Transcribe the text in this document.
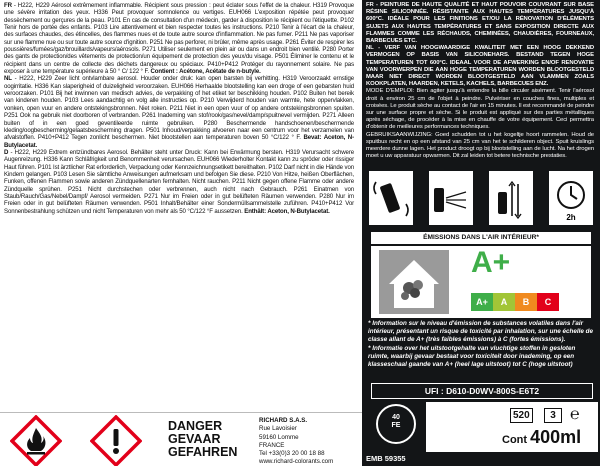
FR - H222, H229 Aérosol extrêmement inflammable. Récipient sous pression : peut éclater sous l'effet de la chaleur. H319 Provoque une sévère irritation des yeux. H336 Peut provoquer somnolence ou vertiges. EUH066 L'exposition répétée peut provoquer dessèchement ou gerçures de la peau. P101 En cas de consultation d'un médecin, garder à disposition le récipient ou l'étiquette. P102 Tenir hors de portée des enfants. P103 Lire attentivement et bien respecter toutes les instructions. P210 Tenir à l'écart de la chaleur, des surfaces chaudes, des étincelles, des flammes nues et de toute autre source d'inflammation. Ne pas fumer. P211 Ne pas vaporiser sur une flamme nue ou sur toute autre source d'ignition. P251 Ne pas perforer, ni brûler, même après usage. P261 Éviter de respirer les poussières/fumées/gaz/brouillards/vapeurs/aérosols. P271 Utiliser seulement en plein air ou dans un endroit bien ventilé. P280 Porter des gants de protection/des vêtements de protection/un équipement de protection des yeux/du visage. P501 Éliminer le contenu et le récipient dans un centre de collecte des déchets dangereux ou spéciaux. P410+P412 Protéger du rayonnement solaire. Ne pas exposer à une température supérieure à 50 ° C/ 122 ° F. Contient : Acétone, Acétate de n-butyle.

NL - H222, H229 Zeer licht ontvlambare aerosol. Houder onder druk: kan open barsten bij verhitting. H319 Veroorzaakt ernstige oogirritatie. H336 Kan slaperigheid of duizeligheid veroorzaken. EUH066 Herhaalde blootstelling kan een droge of een gebarsten huid veroorzaken. P101 Bij het inwinnen van medisch advies, de verpakking of het etiket ter beschikking houden. P102 Buiten het bereik van kinderen houden. P103 Lees aandachtig en volg alle instructies op. P210 Verwijderd houden van warmte, hete oppervlakken, vonken, open vuur en andere ontstekingsbronnen. Niet roken. P211 Niet in een open vuur of op andere ontstekingsbronnen spuiten. P251 Ook na gebruik niet doorboren of verbranden. P261 Inademing van stof/rook/gas/nevel/damp/spuitnevel vermijden. P271 Alleen buiten of in een goed geventileerde ruimte gebruiken. P280 Beschermende handschoenen/beschermende kleding/oogbescherming/gelaatsbescherming dragen. P501 Inhoud/verpakking afvoeren naar een centrum voor het verzamelen van afvalstoffen. P410+P412 Tegen zonlicht beschermen. Niet blootstellen aan temperaturen boven 50 °C/122 ° F. Bevat: Aceton, N-Butylacetat.

D - H222, H229 Extrem entzündbares Aerosol. Behälter steht unter Druck: Kann bei Erwärmung bersten. H319 Verursacht schwere Augenreizung. H336 Kann Schläfrigkeit und Benommenheit verursachen. EUH066 Wiederholter Kontakt kann zu spröder oder rissiger Haut führen. P101 Ist ärztlicher Rat erforderlich, Verpackung oder Kennzeichnungsetikett bereithalten. P102 Darf nicht in die Hände von Kindern gelangen. P103 Lesen Sie sämtliche Anweisungen aufmerksam und befolgen Sie diese. P210 Von Hitze, heißen Oberflächen, Funken, offenen Flammen sowie anderen Zündquellenarten fernhalten. Nicht rauchen. P211 Nicht gegen offene Flamme oder andere Zündquelle sprühen. P251 Nicht durchstechen oder verbrennen, auch nicht nach Gebrauch. P261 Einatmen von Staub/Rauch/Gas/Nebel/Dampf/ Aerosol vermeiden. P271 Nur im Freien oder in gut belüfteten Räumen verwenden. P280 Nur im Freien oder in gut belüfteten Räumen verwenden. P501 Inhalt/Behälter einer Sondermüllsammelstelle zuführen. P410+P412 Vor Sonnenbestrahlung schützen und nicht Temperaturen von mehr als 50 °C/122 °F aussetzen. Enthält: Aceton, N-Butylacetat.

DANGER
GEVAAR
GEFAHREN
RICHARD S.A.S.
Rue Lavoisier
59160 Lomme
FRANCE
Tel +33(0)3 20 00 18 88
www.richard-colorants.com

FR - PEINTURE DE HAUTE QUALITÉ ET HAUT POUVOIR COUVRANT SUR BASE RÉSINE SILICONNÉE. RÉSISTANTE AUX HAUTES TEMPÉRATURES JUSQU'À 600°C. IDÉALE POUR LES FINITIONS ET/OU LA RÉNOVATION D'ÉLÉMENTS SUJETS AUX HAUTES TEMPÉRATURES ET SANS EXPOSITION DIRECTE AUX FLAMMES COMME LES RÉCHAUDS, CHEMINÉES, CHAUDIÈRES, FOURNEAUX, BARBECUES ETC.

NL - VERF VAN HOOGWAARDIGE KWALITEIT MET EEN HOOG DEKKEND VERMOGEN OP BASIS VAN SILICONEHARS. BESTAND TEGEN HOGE TEMPERATUREN TOT 600°C. IDEAAL VOOR DE AFWERKING EN/OF RENOVATIE VAN VOORWERPEN DIE AAN HOGE TEMPERATUREN WORDEN BLOOTGESTELD MAAR NIET DIRECT WORDEN BLOOTGESTELD AAN VLAMMEN ZOALS KOOKPLATEN, HAARDEN, KETELS, KACHELS, BARBECUES ENZ.

MODE D'EMPLOI: Bien agiter jusqu'à entendre la bille circuler aisément. Tenir l'aérosol droit à environ 25 cm de l'objet à peindre. Pulvériser en couches fines, multiples et croisées. Le produit sèche au contact de l'air en 15 minutes. Il est recommandé de peindre sur une surface propre et sèche. Si le produit est appliqué sur des parties métalliques après séchage, de procéder à la mise en chauffe de votre équipement. Ceci permettra d'obtenir de meilleures performances techniques.

GEBRUIKSAANWIJZING: Goed schudden tot u het kogeltje hoort rammelen. Houd de spuitbus recht en op een afstand van 25 cm van het te schilderen object. Spuit kruislings meerdere dunne lagen. Het product droogt op bij blootstelling aan de lucht. Na het drogen moet u uw apparatuur opwarmen. Dit zal leiden tot betere technische prestaties.

2h
ÉMISSIONS DANS L'AIR INTÉRIEUR*
A+
A+	A	B	C

* Information sur le niveau d'émission de substances volatiles dans l'air intérieur, présentant un risque de toxicité par inhalation, sur une échelle de classe allant de A+ (très faibles émissions) à C (fortes émissions).

* Informatie over het uitstootgehalte van vluchtige stoffen in gesloten ruimte, waarbij gevaar bestaat voor toxiciteit door inademing, op een klasseschaal gaande van A+ (heel lage uitstoot) tot C (hoge uitstoot)

UFI : D610-D0WV-800S-E6T2
40
FE
520	3 ℮
Cont 400ml
EMB 59355
